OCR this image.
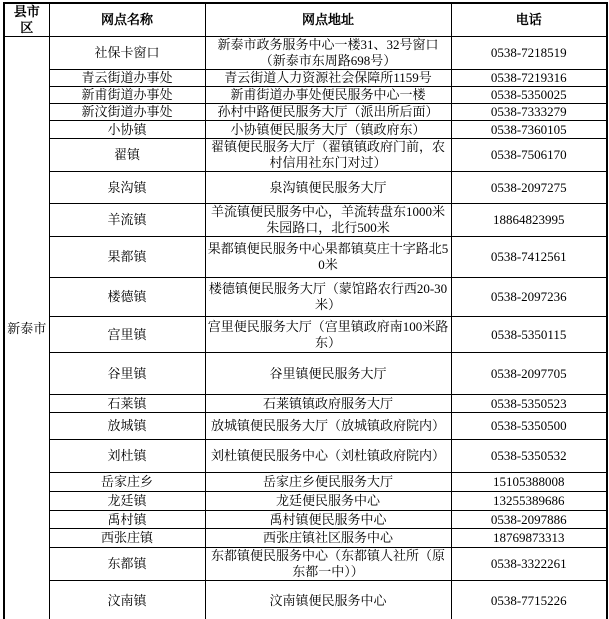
县市区	网点名称	网点地址	电话
新泰市	社保卡窗口	新泰市政务服务中心一楼31、32号窗口（新泰市东周路698号）	0538-7218519
	青云街道办事处	青云街道人力资源社会保障所1159号	0538-7219316
	新甫街道办事处	新甫街道办事处便民服务中心一楼	0538-5350025
	新汶街道办事处	孙村中路便民服务大厅（派出所后面）	0538-7333279
	小协镇	小协镇便民服务大厅（镇政府东）	0538-7360105
	翟镇	翟镇便民服务大厅（翟镇镇政府门前，农村信用社东门对过）	0538-7506170
	泉沟镇	泉沟镇便民服务大厅	0538-2097275
	羊流镇	羊流镇便民服务中心，羊流转盘东1000米朱园路口，北行500米	18864823995
	果都镇	果都镇便民服务中心果都镇莫庄十字路北50米	0538-7412561
	楼德镇	楼德镇便民服务大厅（蒙馆路农行西20-30米）	0538-2097236
	宫里镇	宫里便民服务大厅（宫里镇政府南100米路东）	0538-5350115
	谷里镇	谷里镇便民服务大厅	0538-2097705
	石莱镇	石莱镇镇政府服务大厅	0538-5350523
	放城镇	放城镇便民服务大厅（放城镇政府院内）	0538-5350500
	刘杜镇	刘杜镇便民服务中心（刘杜镇政府院内）	0538-5350532
	岳家庄乡	岳家庄乡便民服务大厅	15105388008
	龙廷镇	龙廷便民服务中心	13255389686
	禹村镇	禹村镇便民服务中心	0538-2097886
	西张庄镇	西张庄镇社区服务中心	18769873313
	东都镇	东都镇便民服务中心（东都镇人社所（原东都一中））	0538-3322261
	汶南镇	汶南镇便民服务中心	0538-7715226
